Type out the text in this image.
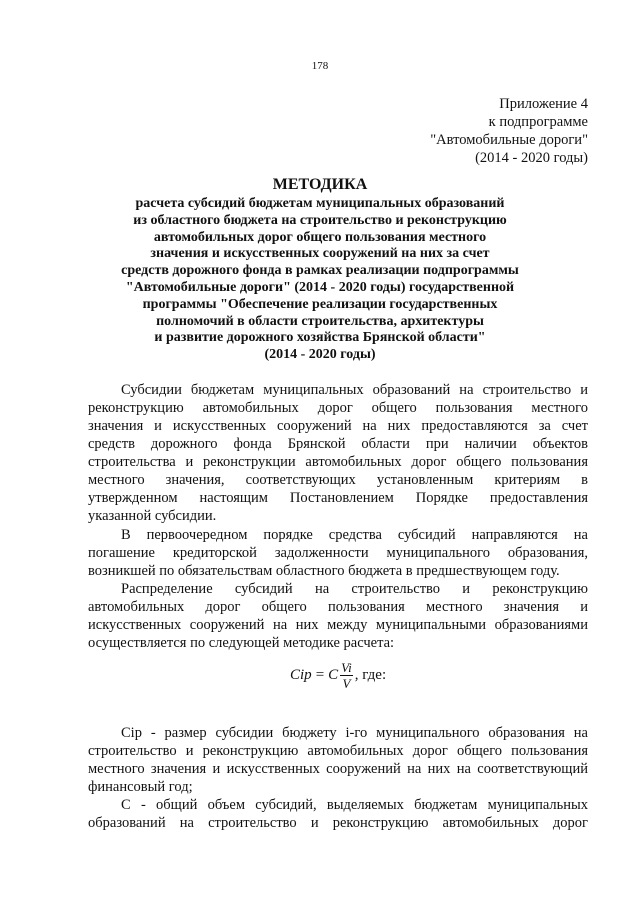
178
Приложение 4
к подпрограмме
"Автомобильные дороги"
(2014 - 2020 годы)
МЕТОДИКА
расчета субсидий бюджетам муниципальных образований
из областного бюджета на строительство и реконструкцию
автомобильных дорог общего пользования местного
значения и искусственных сооружений на них за счет
средств дорожного фонда в рамках реализации подпрограммы
"Автомобильные дороги" (2014 - 2020 годы) государственной
программы "Обеспечение реализации государственных
полномочий в области строительства, архитектуры
и развитие дорожного хозяйства Брянской области"
(2014 - 2020 годы)
Субсидии бюджетам муниципальных образований на строительство и
реконструкцию автомобильных дорог общего пользования местного
значения и искусственных сооружений на них предоставляются за счет
средств дорожного фонда Брянской области при наличии объектов
строительства и реконструкции автомобильных дорог общего пользования
местного значения, соответствующих установленным критериям в
утвержденном настоящим Постановлением Порядке предоставления
указанной субсидии.
В первоочередном порядке средства субсидий направляются на
погашение кредиторской задолженности муниципального образования,
возникшей по обязательствам областного бюджета в предшествующем году.
Распределение субсидий на строительство и реконструкцию
автомобильных дорог общего пользования местного значения и
искусственных сооружений на них между муниципальными образованиями
осуществляется по следующей методике расчета:
Cip = C $\frac{Vi}{V}$ , где:
Сip - размер субсидии бюджету i-го муниципального образования на
строительство и реконструкцию автомобильных дорог общего пользования
местного значения и искусственных сооружений на них на соответствующий
финансовый год;
С - общий объем субсидий, выделяемых бюджетам муниципальных
образований на строительство и реконструкцию автомобильных дорог
